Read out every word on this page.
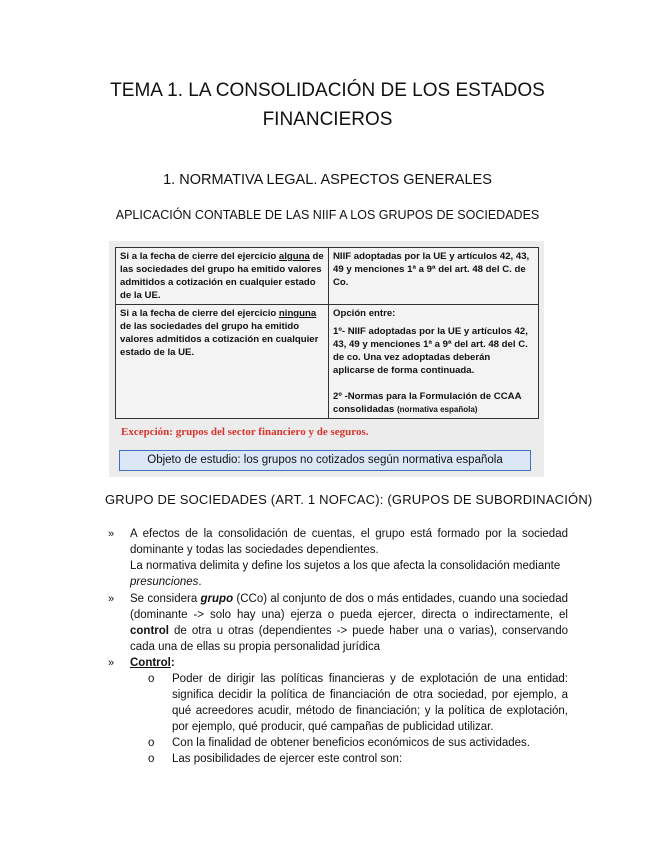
TEMA 1. LA CONSOLIDACIÓN DE LOS ESTADOS
FINANCIEROS
1. NORMATIVA LEGAL. ASPECTOS GENERALES
APLICACIÓN CONTABLE DE LAS NIIF A LOS GRUPOS DE SOCIEDADES
Si a la fecha de cierre del ejercicio alguna de las sociedades del grupo ha emitido valores admitidos a cotización en cualquier estado de la UE.	NIIF adoptadas por la UE y artículos 42, 43, 49 y menciones 1ª a 9ª del art. 48 del C. de Co.
Si a la fecha de cierre del ejercicio ninguna de las sociedades del grupo ha emitido valores admitidos a cotización en cualquier estado de la UE.	Opción entre:
1º- NIIF adoptadas por la UE y artículos 42, 43, 49 y menciones 1ª a 9ª del art. 48 del C. de co. Una vez adoptadas deberán aplicarse de forma continuada.
2º -Normas para la Formulación de CCAA consolidadas (normativa española)
Excepción: grupos del sector financiero y de seguros.
Objeto de estudio: los grupos no cotizados según normativa española
GRUPO DE SOCIEDADES (ART. 1 NOFCAC): (GRUPOS DE SUBORDINACIÓN)
» A efectos de la consolidación de cuentas, el grupo está formado por la sociedad dominante y todas las sociedades dependientes.
La normativa delimita y define los sujetos a los que afecta la consolidación mediante presunciones.
» Se considera grupo (CCo) al conjunto de dos o más entidades, cuando una sociedad (dominante -> solo hay una) ejerza o pueda ejercer, directa o indirectamente, el control de otra u otras (dependientes -> puede haber una o varias), conservando cada una de ellas su propia personalidad jurídica
» Control:
o Poder de dirigir las políticas financieras y de explotación de una entidad: significa decidir la política de financiación de otra sociedad, por ejemplo, a qué acreedores acudir, método de financiación; y la política de explotación, por ejemplo, qué producir, qué campañas de publicidad utilizar.
o Con la finalidad de obtener beneficios económicos de sus actividades.
o Las posibilidades de ejercer este control son:
